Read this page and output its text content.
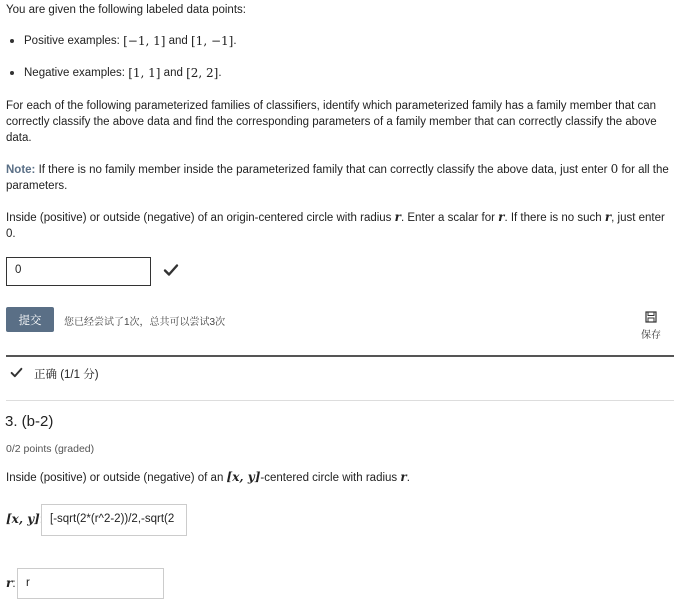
You are given the following labeled data points:
Positive examples:
[−1, 1]
and
[1, −1] .
Negative examples:
[1, 1]
and
[2, 2] .
For each of the following parameterized families of classifiers, identify which parameterized family has a family member that can correctly classify the above data and find the corresponding parameters of a family member that can correctly classify the above data.
Note: If there is no family member inside the parameterized family that can correctly classify the above data, just enter 0 for all the parameters.
Inside (positive) or outside (negative) of an origin-centered circle with radius r. Enter a scalar for r. If there is no such r, just enter 0.
0
提交	您已经尝试了1次，总共可以尝试3次
保存
正确 (1/1 分)
3. (b-2)
0/2 points (graded)
Inside (positive) or outside (negative) of an [x, y]-centered circle with radius r.
[x, y] [-sqrt(2*(r^2-2))/2,-sqrt(2
r: r
